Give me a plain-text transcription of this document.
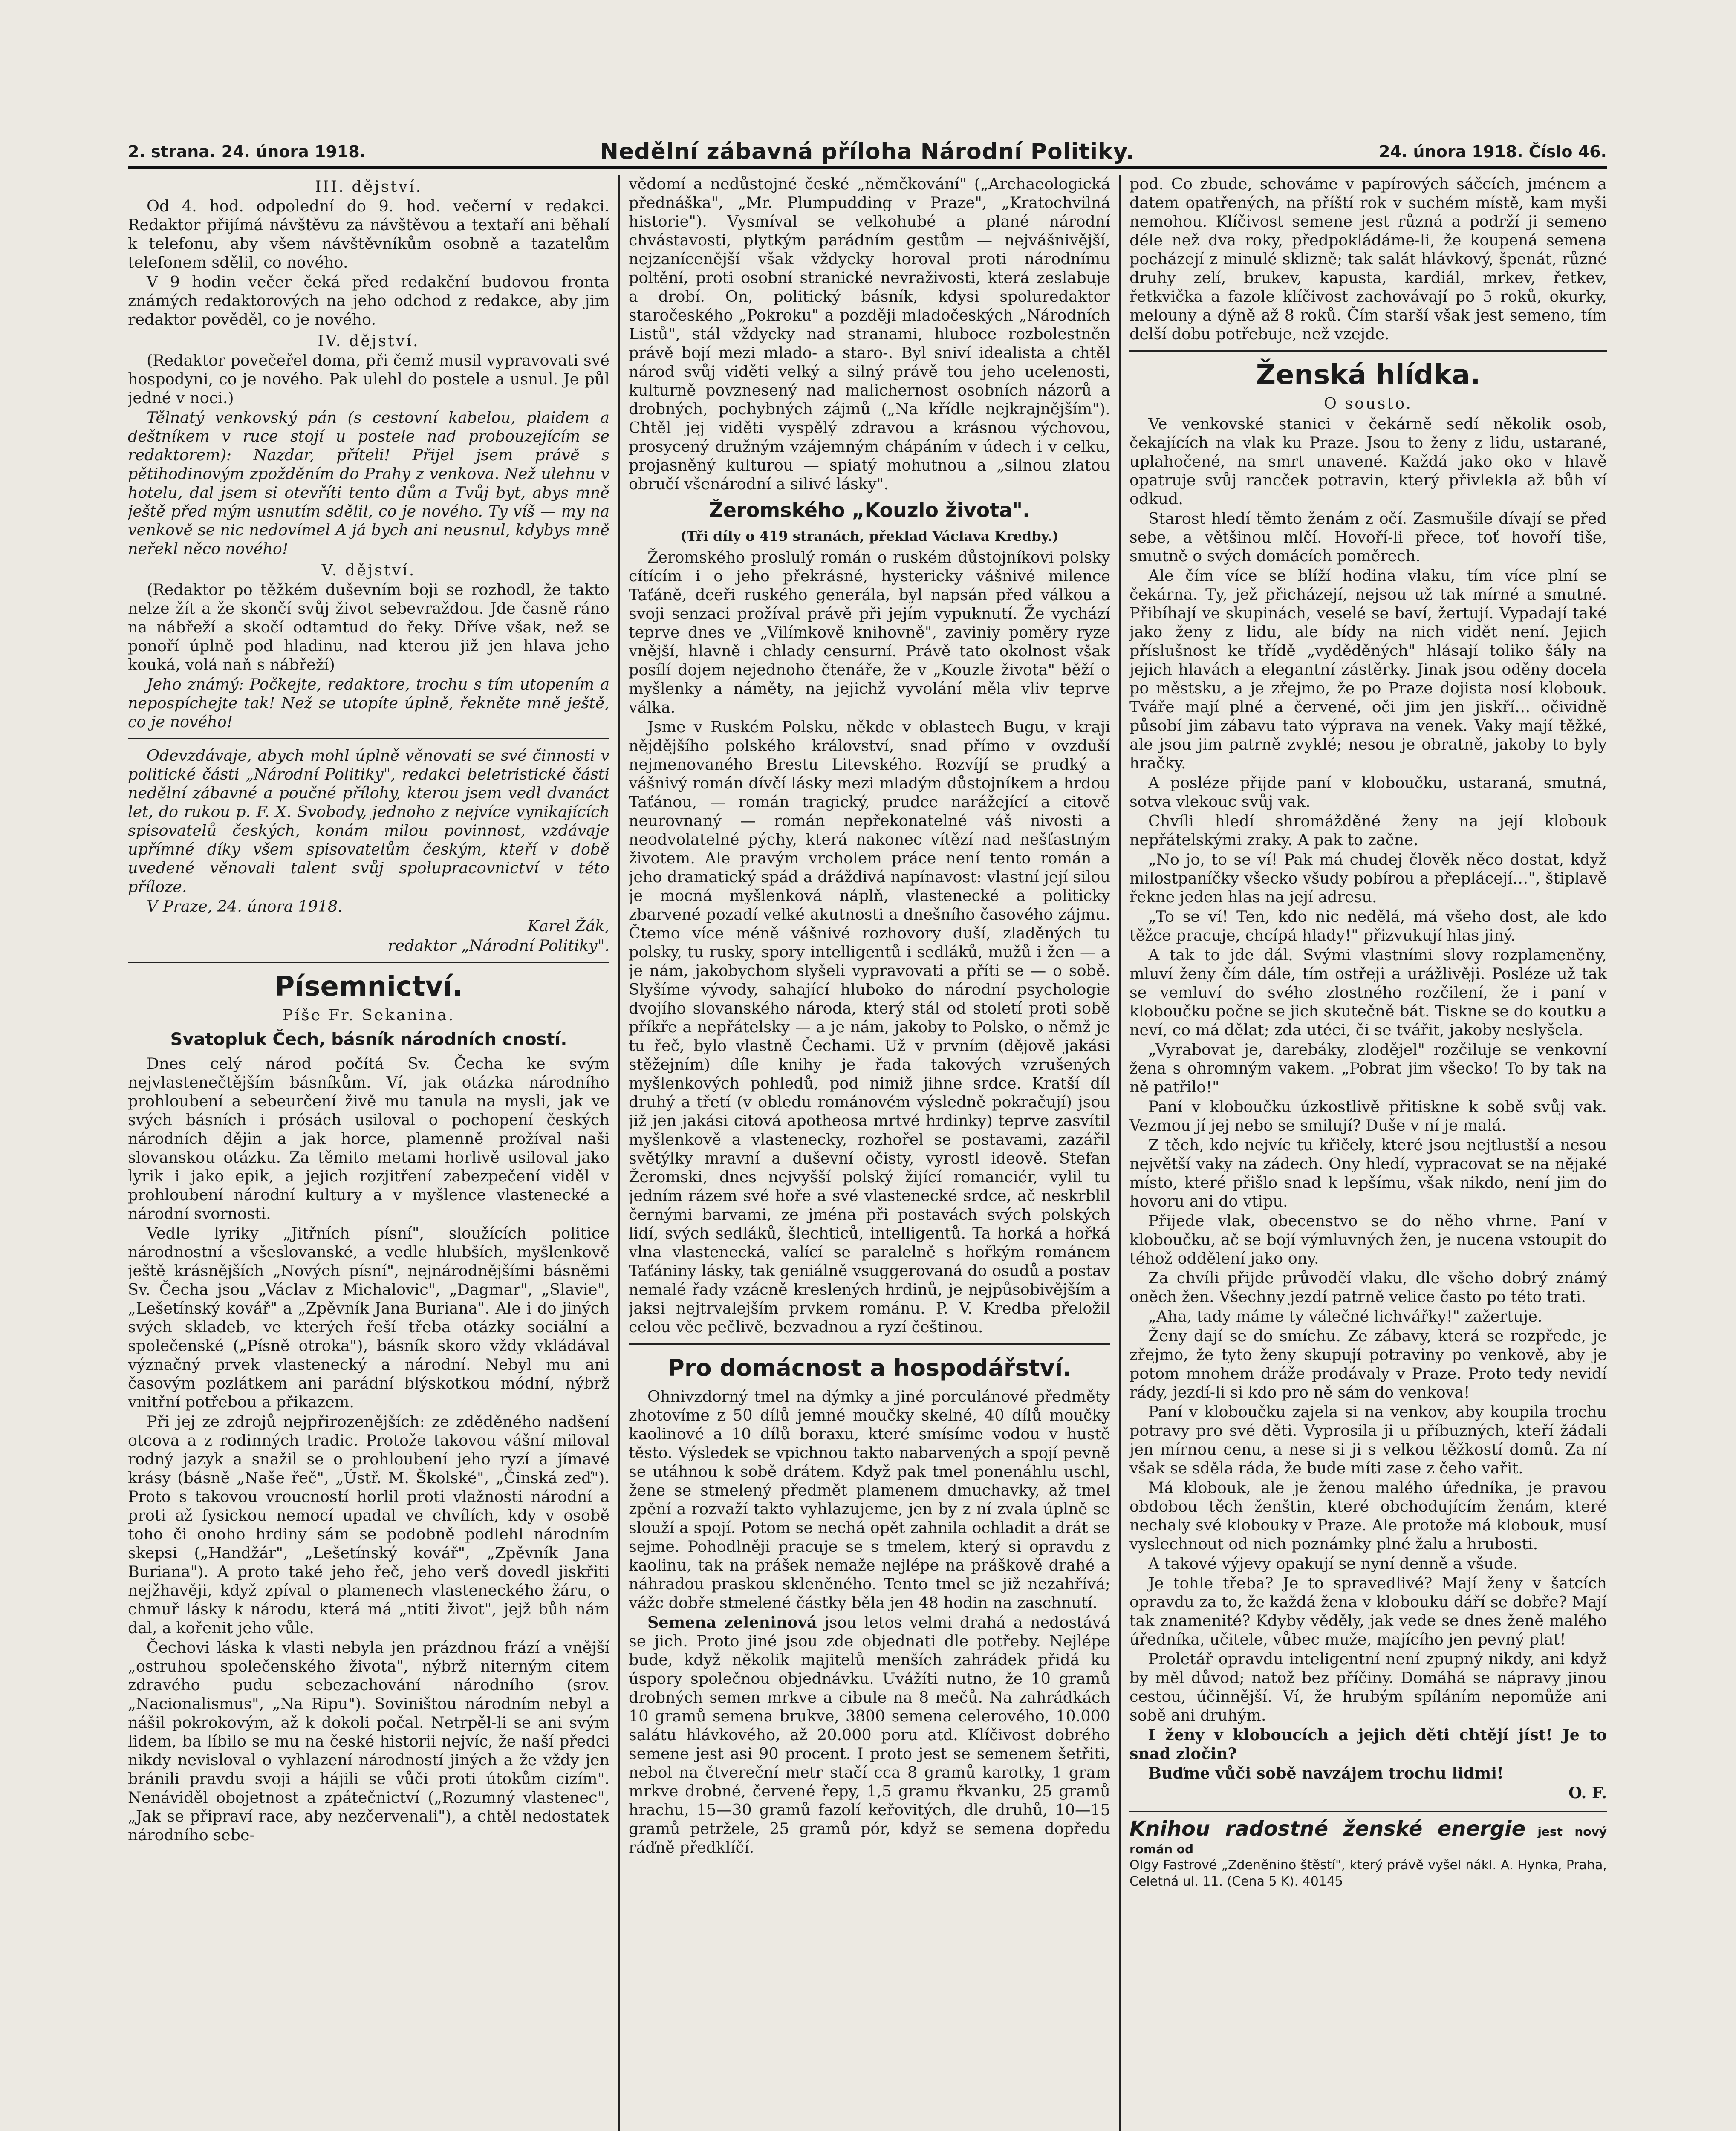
2. strana. 24. února 1918.	Nedělní zábavná příloha Národní Politiky.	24. února 1918. Číslo 46.

III. dějství.

Od 4. hod. odpolední do 9. hod. večerní v redakci. Redaktor přijímá návštěvu za návštěvou a textaří ani běhalí k telefonu, aby všem návštěvníkům osobně a tazatelům telefonem sdělil, co nového.

V 9 hodin večer čeká před redakční budovou fronta známých redaktorových na jeho odchod z redakce, aby jim redaktor pověděl, co je nového.

IV. dějství.

(Redaktor povečeřel doma, při čemž musil vypravovati své hospodyni, co je nového. Pak ulehl do postele a usnul. Je půl jedné v noci.)

Tělnatý venkovský pán (s cestovní kabelou, plaidem a deštníkem v ruce stojí u postele nad probouzejícím se redaktorem): Nazdar, příteli! Přijel jsem právě s pětihodinovým zpožděním do Prahy z venkova. Než ulehnu v hotelu, dal jsem si otevříti tento dům a Tvůj byt, abys mně ještě před mým usnutím sdělil, co je nového. Ty víš — my na venkově se nic nedovímel A já bych ani neusnul, kdybys mně neřekl něco nového!

V. dějství.

(Redaktor po těžkém duševním boji se rozhodl, že takto nelze žít a že skončí svůj život sebevraždou. Jde časně ráno na nábřeží a skočí odtamtud do řeky. Dříve však, než se ponoří úplně pod hladinu, nad kterou již jen hlava jeho kouká, volá naň s nábřeží)

Jeho známý: Počkejte, redaktore, trochu s tím utopením a nepospíchejte tak! Než se utopíte úplně, řekněte mně ještě, co je nového!

Odevzdávaje, abych mohl úplně věnovati se své činnosti v politické části „Národní Politiky", redakci beletristické části nedělní zábavné a poučné přílohy, kterou jsem vedl dvanáct let, do rukou p. F. X. Svobody, jednoho z nejvíce vynikajících spisovatelů českých, konám milou povinnost, vzdávaje upřímné díky všem spisovatelům českým, kteří v době uvedené věnovali talent svůj spolupracovnictví v této příloze.

V Praze, 24. února 1918.

Karel Žák,

redaktor „Národní Politiky".

Písemnictví.

Píše Fr. Sekanina.

Svatopluk Čech, básník národních cností.

Dnes celý národ počítá Sv. Čecha ke svým nejvlastenečtějším básníkům. Ví, jak otázka národního prohloubení a sebeurčení živě mu tanula na mysli, jak ve svých básních i prósách usiloval o pochopení českých národních dějin a jak horce, plamenně prožíval naši slovanskou otázku. Za těmito metami horlivě usiloval jako lyrik i jako epik, a jejich rozjitření zabezpečení viděl v prohloubení národní kultury a v myšlence vlastenecké a národní svornosti.

Vedle lyriky „Jitřních písní", sloužících politice národnostní a všeslovanské, a vedle hlubších, myšlenkově ještě krásnějších „Nových písní", nejnárodnějšími básněmi Sv. Čecha jsou „Václav z Michalovic", „Dagmar", „Slavie", „Lešetínský kovář" a „Zpěvník Jana Buriana". Ale i do jiných svých skladeb, ve kterých řeší třeba otázky sociální a společenské („Písně otroka"), básník skoro vždy vkládával význačný prvek vlastenecký a národní. Nebyl mu ani časovým pozlátkem ani parádní blýskotkou módní, nýbrž vnitřní potřebou a přikazem.

Při jej ze zdrojů nejpřirozenějších: ze zděděného nadšení otcova a z rodinných tradic. Protože takovou vášní miloval rodný jazyk a snažil se o prohloubení jeho ryzí a jímavé krásy (básně „Naše řeč", „Ústř. M. Školské", „Činská zeď"). Proto s takovou vroucností horlil proti vlažnosti národní a proti až fysickou nemocí upadal ve chvílích, kdy v osobě toho či onoho hrdiny sám se podobně podlehl národním skepsi („Handžár", „Lešetínský kovář", „Zpěvník Jana Buriana"). A proto také jeho řeč, jeho verš dovedl jiskřiti nejžhavěji, když zpíval o plamenech vlasteneckého žáru, o chmuř lásky k národu, která má „ntiti život", jejž bůh nám dal, a kořenit jeho vůle.

Čechovi láska k vlasti nebyla jen prázdnou frází a vnější „ostruhou společenského života", nýbrž niterným citem zdravého pudu sebezachování národního (srov. „Nacionalismus", „Na Ripu"). Soviništou národním nebyl a nášil pokrokovým, až k dokoli počal. Netrpěl-li se ani svým lidem, ba líbilo se mu na české historii nejvíc, že naší předci nikdy nevisloval o vyhlazení národností jiných a že vždy jen bránili pravdu svoji a hájili se vůči proti útokům cizím". Nenáviděl obojetnost a zpátečnictví („Rozumný vlastenec", „Jak se připraví race, aby nezčervenali"), a chtěl nedostatek národního sebe-

vědomí a nedůstojné české „němčkování" („Archaeologická přednáška", „Mr. Plumpudding v Praze", „Kratochvilná historie"). Vysmíval se velkohubé a plané národní chvástavosti, plytkým parádním gestům — nejvášnivější, nejzanícenější však vždycky horoval proti národnímu poltění, proti osobní stranické nevraživosti, která zeslabuje a drobí. On, politický básník, kdysi spoluredaktor staročeského „Pokroku" a později mladočeských „Národních Listů", stál vždycky nad stranami, hluboce rozbolestněn právě bojí mezi mlado- a staro-. Byl sniví idealista a chtěl národ svůj viděti velký a silný právě tou jeho ucelenosti, kulturně povznesený nad malichernost osobních názorů a drobných, pochybných zájmů („Na křídle nejkrajnějším"). Chtěl jej viděti vyspělý zdravou a krásnou výchovou, prosycený družným vzájemným chápáním v údech i v celku, projasněný kulturou — spiatý mohutnou a „silnou zlatou obručí všenárodní a silivé lásky".

Žeromského „Kouzlo života".

(Tři díly o 419 stranách, překlad Václava Kredby.)

Žeromského proslulý román o ruském důstojníkovi polsky cítícím i o jeho překrásné, hystericky vášnivé milence Taťáně, dceři ruského generála, byl napsán před válkou a svoji senzaci prožíval právě při jejím vypuknutí. Že vychází teprve dnes ve „Vilímkově knihovně", zaviniy poměry ryze vnější, hlavně i chlady censurní. Právě tato okolnost však posílí dojem nejednoho čtenáře, že v „Kouzle života" běží o myšlenky a náměty, na jejichž vyvolání měla vliv teprve válka.

Jsme v Ruském Polsku, někde v oblastech Bugu, v kraji nějdějšího polského království, snad přímo v ovzduší nejmenovaného Brestu Litevského. Rozvíjí se prudký a vášnivý román dívčí lásky mezi mladým důstojníkem a hrdou Taťánou, — román tragický, prudce narážející a citově neurovnaný — román nepřekonatelné váš nivosti a neodvolatelné pýchy, která nakonec vítězí nad nešťastným životem. Ale pravým vrcholem práce není tento román a jeho dramatický spád a dráždivá napínavost: vlastní její silou je mocná myšlenková náplň, vlastenecké a politicky zbarvené pozadí velké akutnosti a dnešního časového zájmu. Čtemo více méně vášnivé rozhovory duší, zladěných tu polsky, tu rusky, spory intelligentů i sedláků, mužů i žen — a je nám, jakobychom slyšeli vypravovati a příti se — o sobě. Slyšíme vývody, sahající hluboko do národní psychologie dvojího slovanského národa, který stál od století proti sobě příkře a nepřátelsky — a je nám, jakoby to Polsko, o němž je tu řeč, bylo vlastně Čechami. Už v prvním (dějově jakási stěžejním) díle knihy je řada takových vzrušených myšlenkových pohledů, pod nimiž jihne srdce. Kratší díl druhý a třetí (v obledu románovém výsledně pokračují) jsou již jen jakási citová apotheosa mrtvé hrdinky) teprve zasvítil myšlenkově a vlastenecky, rozhořel se postavami, zazářil světýlky mravní a duševní očisty, vyrostl ideově. Stefan Žeromski, dnes nejvyšší polský žijící romanciér, vylil tu jedním rázem své hoře a své vlastenecké srdce, ač neskrblil černými barvami, ze jména při postavách svých polských lidí, svých sedláků, šlechticů, intelligentů. Ta horká a hořká vlna vlastenecká, valící se paralelně s hořkým románem Taťániny lásky, tak geniálně vsuggerovaná do osudů a postav nemalé řady vzácně kreslených hrdinů, je nejpůsobivějším a jaksi nejtrvalejším prvkem románu. P. V. Kredba přeložil celou věc pečlivě, bezvadnou a ryzí češtinou.

Pro domácnost a hospodářství.

Ohnivzdorný tmel na dýmky a jiné porculánové předměty zhotovíme z 50 dílů jemné moučky skelné, 40 dílů moučky kaolinové a 10 dílů boraxu, které smísíme vodou v hustě těsto. Výsledek se vpichnou takto nabarvených a spojí pevně se utáhnou k sobě drátem. Když pak tmel ponenáhlu uschl, žene se stmelený předmět plamenem dmuchavky, až tmel zpění a rozvaží takto vyhlazujeme, jen by z ní zvala úplně se slouží a spojí. Potom se nechá opět zahnila ochladit a drát se sejme. Pohodlněji pracuje se s tmelem, který si opravdu z kaolinu, tak na prášek nemaže nejlépe na práškově drahé a náhradou praskou skleněného. Tento tmel se již nezahřívá; vážc dobře stmelené částky běla jen 48 hodin na zaschnutí.

Semena zeleninová jsou letos velmi drahá a nedostává se jich. Proto jiné jsou zde objednati dle potřeby. Nejlépe bude, když několik majitelů menších zahrádek přidá ku úspory společnou objednávku. Uvážíti nutno, že 10 gramů drobných semen mrkve a cibule na 8 mečů. Na zahrádkách 10 gramů semena brukve, 3800 semena celerového, 10.000 salátu hlávkového, až 20.000 poru atd. Klíčivost dobrého semene jest asi 90 procent. I proto jest se semenem šetřiti, nebol na čtvereční metr stačí cca 8 gramů karotky, 1 gram mrkve drobné, červené řepy, 1,5 gramu řkvanku, 25 gramů hrachu, 15—30 gramů fazolí keřovitých, dle druhů, 10—15 gramů petržele, 25 gramů pór, když se semena dopředu ráďně předklíčí.

pod. Co zbude, schováme v papírových sáčcích, jménem a datem opatřených, na příští rok v suchém místě, kam myši nemohou. Klíčivost semene jest různá a podrží ji semeno déle než dva roky, předpokládáme-li, že koupená semena pocházejí z minulé sklizně; tak salát hlávkový, špenát, různé druhy zelí, brukev, kapusta, kardiál, mrkev, řetkev, řetkvička a fazole klíčivost zachovávají po 5 roků, okurky, melouny a dýně až 8 roků. Čím starší však jest semeno, tím delší dobu potřebuje, než vzejde.

Ženská hlídka.

O sousto.

Ve venkovské stanici v čekárně sedí několik osob, čekajících na vlak ku Praze. Jsou to ženy z lidu, ustarané, uplahočené, na smrt unavené. Každá jako oko v hlavě opatruje svůj rancček potravin, který přivlekla až bůh ví odkud.

Starost hledí těmto ženám z očí. Zasmušile dívají se před sebe, a většinou mlčí. Hovoří-li přece, toť hovoří tiše, smutně o svých domácích poměrech.

Ale čím více se blíží hodina vlaku, tím více plní se čekárna. Ty, jež přicházejí, nejsou už tak mírné a smutné. Přibíhají ve skupinách, veselé se baví, žertují. Vypadají také jako ženy z lidu, ale bídy na nich vidět není. Jejich příslušnost ke třídě „vyděděných" hlásají toliko šály na jejich hlavách a elegantní zástěrky. Jinak jsou oděny docela po městsku, a je zřejmo, že po Praze dojista nosí klobouk. Tváře mají plné a červené, oči jim jen jiskří… očividně působí jim zábavu tato výprava na venek. Vaky mají těžké, ale jsou jim patrně zvyklé; nesou je obratně, jakoby to byly hračky.

A posléze přijde paní v kloboučku, ustaraná, smutná, sotva vlekouc svůj vak.

Chvíli hledí shromážděné ženy na její klobouk nepřátelskými zraky. A pak to začne.

„No jo, to se ví! Pak má chudej člověk něco dostat, když milostpaníčky všecko všudy pobírou a přeplácejí…", štiplavě řekne jeden hlas na její adresu.

„To se ví! Ten, kdo nic nedělá, má všeho dost, ale kdo těžce pracuje, chcípá hlady!" přizvukují hlas jiný.

A tak to jde dál. Svými vlastními slovy rozplameněny, mluví ženy čím dále, tím ostřeji a urážlivěji. Posléze už tak se vemluví do svého zlostného rozčilení, že i paní v kloboučku počne se jich skutečně bát. Tiskne se do koutku a neví, co má dělat; zda utéci, či se tvářit, jakoby neslyšela.

„Vyrabovat je, darebáky, zlodějel" rozčiluje se venkovní žena s ohromným vakem. „Pobrat jim všecko! To by tak na ně patřilo!"

Paní v kloboučku úzkostlivě přitiskne k sobě svůj vak. Vezmou jí jej nebo se smilují? Duše v ní je malá.

Z těch, kdo nejvíc tu křičely, které jsou nejtlustší a nesou největší vaky na zádech. Ony hledí, vypracovat se na nějaké místo, které přišlo snad k lepšímu, však nikdo, není jim do hovoru ani do vtipu.

Přijede vlak, obecenstvo se do něho vhrne. Paní v kloboučku, ač se bojí výmluvných žen, je nucena vstoupit do téhož oddělení jako ony.

Za chvíli přijde průvodčí vlaku, dle všeho dobrý známý oněch žen. Všechny jezdí patrně velice často po této trati.

„Aha, tady máme ty válečné lichvářky!" zažertuje.

Ženy dají se do smíchu. Ze zábavy, která se rozpřede, je zřejmo, že tyto ženy skupují potraviny po venkově, aby je potom mnohem dráže prodávaly v Praze. Proto tedy nevidí rády, jezdí-li si kdo pro ně sám do venkova!

Paní v kloboučku zajela si na venkov, aby koupila trochu potravy pro své děti. Vyprosila ji u příbuzných, kteří žádali jen mírnou cenu, a nese si ji s velkou těžkostí domů. Za ní však se sděla ráda, že bude míti zase z čeho vařit.

Má klobouk, ale je ženou malého úředníka, je pravou obdobou těch ženštin, které obchodujícím ženám, které nechaly své klobouky v Praze. Ale protože má klobouk, musí vyslechnout od nich poznámky plné žalu a hrubosti.

A takové výjevy opakují se nyní denně a všude.

Je tohle třeba? Je to spravedlivé? Mají ženy v šatcích opravdu za to, že každá žena v klobouku dáří se dobře? Mají tak znamenité? Kdyby věděly, jak vede se dnes ženě malého úředníka, učitele, vůbec muže, majícího jen pevný plat!

Proletář opravdu inteligentní není zpupný nikdy, ani když by měl důvod; natož bez příčiny. Domáhá se nápravy jinou cestou, účinnější. Ví, že hrubým spíláním nepomůže ani sobě ani druhým.

I ženy v kloboucích a jejich děti chtějí jíst! Je to snad zločin?

Buďme vůči sobě navzájem trochu lidmi!

O. F.

Knihou radostné ženské energie jest nový román od
Olgy Fastrové „Zdeněnino štěstí", který právě vyšel nákl. A. Hynka, Praha, Celetná ul. 11. (Cena 5 K). 40145
